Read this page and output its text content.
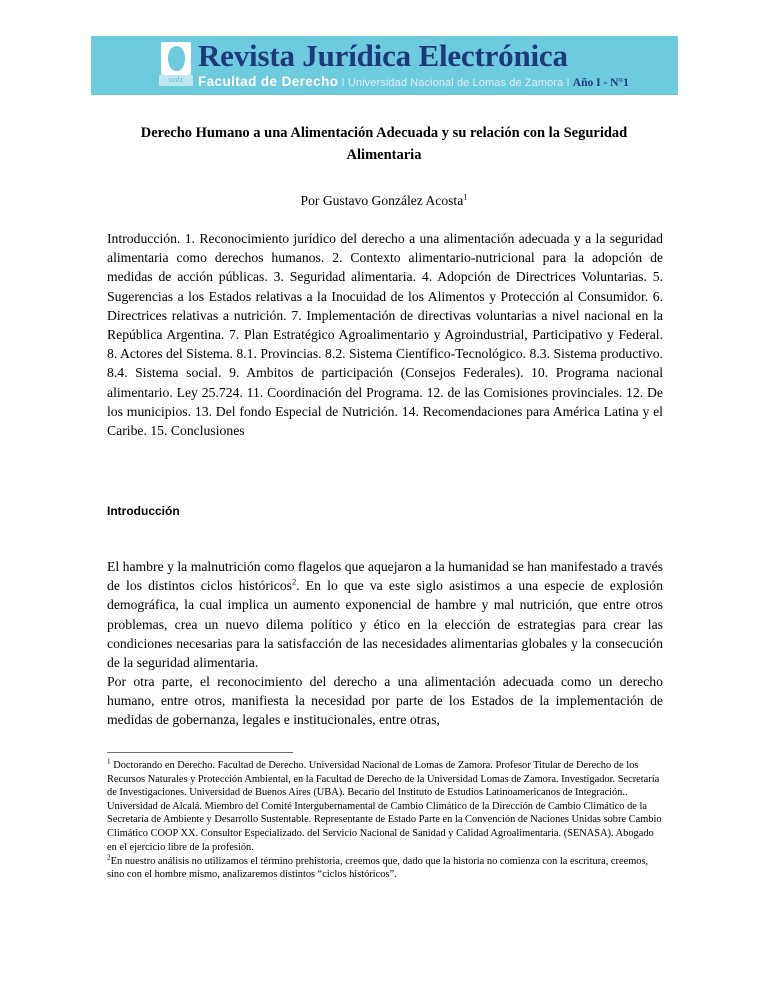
unlz
Revista Jurídica Electrónica
Facultad de Derecho I Universidad Nacional de Lomas de Zamora I Año I - N°1
Derecho Humano a una Alimentación Adecuada y su relación con la Seguridad Alimentaria
Por Gustavo González Acosta$^1$
Introducción. 1. Reconocimiento jurídico del derecho a una alimentación adecuada y a la seguridad alimentaria como derechos humanos. 2. Contexto alimentario-nutricional para la adopción de medidas de acción públicas. 3. Seguridad alimentaria. 4. Adopción de Directrices Voluntarias. 5. Sugerencias a los Estados relativas a la Inocuidad de los Alimentos y Protección al Consumidor. 6. Directrices relativas a nutrición. 7. Implementación de directivas voluntarias a nivel nacional en la República Argentina. 7. Plan Estratégico Agroalimentario y Agroindustrial, Participativo y Federal. 8. Actores del Sistema. 8.1. Provincias. 8.2. Sistema Científico-Tecnológico. 8.3. Sistema productivo. 8.4. Sistema social. 9. Ambitos de participación (Consejos Federales). 10. Programa nacional alimentario. Ley 25.724. 11. Coordinación del Programa. 12. de las Comisiones provinciales. 12. De los municipios. 13. Del fondo Especial de Nutrición. 14. Recomendaciones para América Latina y el Caribe. 15. Conclusiones
Introducción
El hambre y la malnutrición como flagelos que aquejaron a la humanidad se han manifestado a través de los distintos ciclos históricos$^2$. En lo que va este siglo asistimos a una especie de explosión demográfica, la cual implica un aumento exponencial de hambre y mal nutrición, que entre otros problemas, crea un nuevo dilema político y ético en la elección de estrategias para crear las condiciones necesarias para la satisfacción de las necesidades alimentarias globales y la consecución de la seguridad alimentaria.
Por otra parte, el reconocimiento del derecho a una alimentación adecuada como un derecho humano, entre otros, manifiesta la necesidad por parte de los Estados de la implementación de medidas de gobernanza, legales e institucionales, entre otras,

$^1$ Doctorando en Derecho. Facultad de Derecho. Universidad Nacional de Lomas de Zamora. Profesor Titular de Derecho de los Recursos Naturales y Protección Ambiental, en la Facultad de Derecho de la Universidad Lomas de Zamora. Investigador. Secretaría de Investigaciones. Universidad de Buenos Aires (UBA). Becario del Instituto de Estudios Latinoamericanos de Integración.. Universidad de Alcalá. Miembro del Comité Intergubernamental de Cambio Climático de la Dirección de Cambio Climático de la Secretaría de Ambiente y Desarrollo Sustentable. Representante de Estado Parte en la Convención de Naciones Unidas sobre Cambio Climático COOP XX. Consultor Especializado. del Servicio Nacional de Sanidad y Calidad Agroalimentaria. (SENASA). Abogado en el ejercicio libre de la profesión.

$^2$En nuestro análisis no utilizamos el término prehistoria, creemos que, dado que la historia no comienza con la escritura, creemos, sino con el hombre mismo, analizaremos distintos “ciclos históricos”.
